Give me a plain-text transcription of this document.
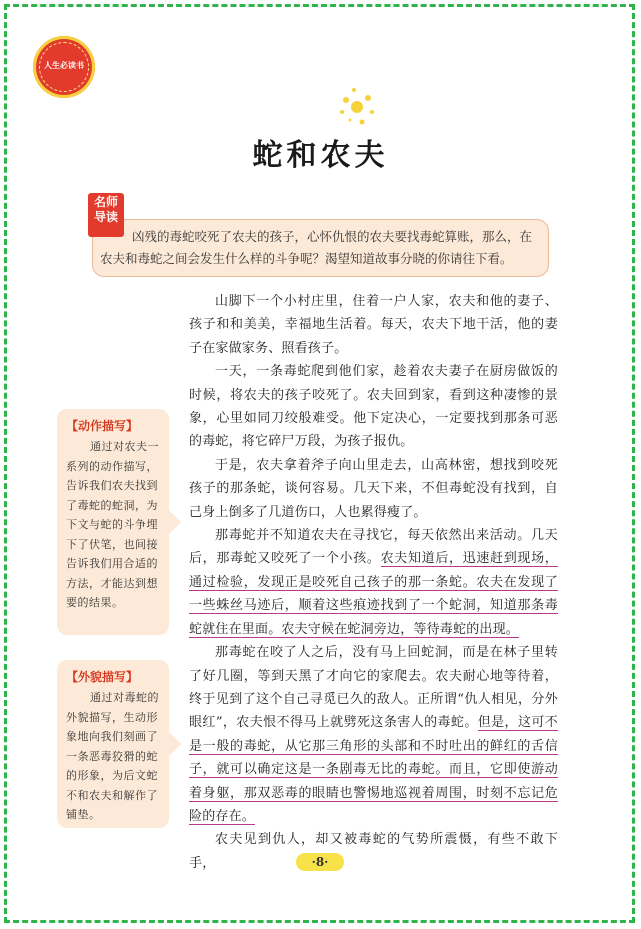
人生必读书
蛇和农夫
名师
导读
凶残的毒蛇咬死了农夫的孩子，心怀仇恨的农夫要找毒蛇算账，那么，在农夫和毒蛇之间会发生什么样的斗争呢？渴望知道故事分晓的你请往下看。
【动作描写】
通过对农夫一系列的动作描写，告诉我们农夫找到了毒蛇的蛇洞，为下文与蛇的斗争埋下了伏笔，也间接告诉我们用合适的方法，才能达到想要的结果。
【外貌描写】
通过对毒蛇的外貌描写，生动形象地向我们刻画了一条恶毒狡猾的蛇的形象，为后文蛇不和农夫和解作了铺垫。

山脚下一个小村庄里，住着一户人家，农夫和他的妻子、孩子和和美美，幸福地生活着。每天，农夫下地干活，他的妻子在家做家务、照看孩子。

一天，一条毒蛇爬到他们家，趁着农夫妻子在厨房做饭的时候，将农夫的孩子咬死了。农夫回到家，看到这种凄惨的景象，心里如同刀绞般难受。他下定决心，一定要找到那条可恶的毒蛇，将它碎尸万段，为孩子报仇。

于是，农夫拿着斧子向山里走去，山高林密，想找到咬死孩子的那条蛇，谈何容易。几天下来，不但毒蛇没有找到，自己身上倒多了几道伤口，人也累得瘦了。

那毒蛇并不知道农夫在寻找它，每天依然出来活动。几天后，那毒蛇又咬死了一个小孩。农夫知道后，迅速赶到现场，通过检验，发现正是咬死自己孩子的那一条蛇。农夫在发现了一些蛛丝马迹后，顺着这些痕迹找到了一个蛇洞，知道那条毒蛇就住在里面。农夫守候在蛇洞旁边，等待毒蛇的出现。

那毒蛇在咬了人之后，没有马上回蛇洞，而是在林子里转了好几圈，等到天黑了才向它的家爬去。农夫耐心地等待着，终于见到了这个自己寻觅已久的敌人。正所谓“仇人相见，分外眼红”，农夫恨不得马上就劈死这条害人的毒蛇。但是，这可不是一般的毒蛇，从它那三角形的头部和不时吐出的鲜红的舌信子，就可以确定这是一条剧毒无比的毒蛇。而且，它即使游动着身躯，那双恶毒的眼睛也警惕地巡视着周围，时刻不忘记危险的存在。

农夫见到仇人，却又被毒蛇的气势所震慑，有些不敢下手，	·8·
